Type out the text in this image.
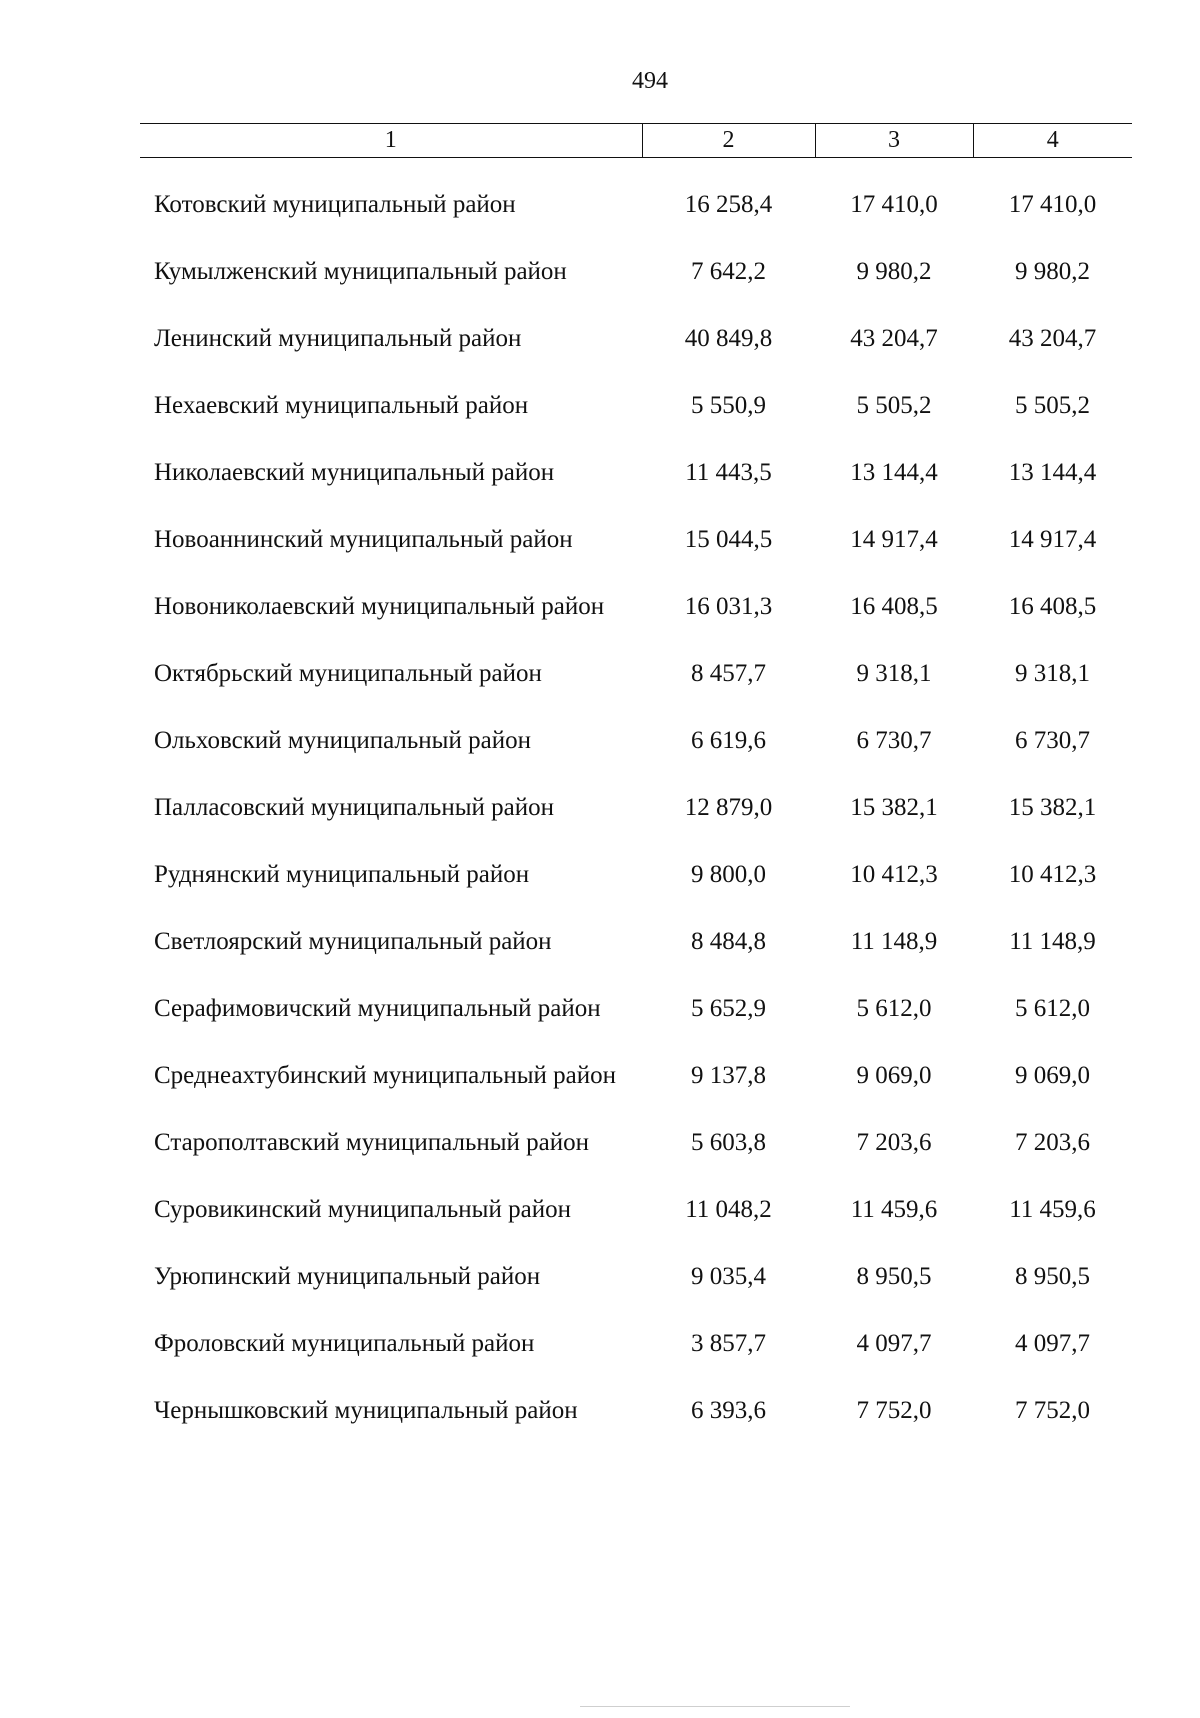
494
1	2	3	4
Котовский муниципальный район	16 258,4	17 410,0	17 410,0
Кумылженский муниципальный район	7 642,2	9 980,2	9 980,2
Ленинский муниципальный район	40 849,8	43 204,7	43 204,7
Нехаевский муниципальный район	5 550,9	5 505,2	5 505,2
Николаевский муниципальный район	11 443,5	13 144,4	13 144,4
Новоаннинский муниципальный район	15 044,5	14 917,4	14 917,4
Новониколаевский муниципальный район	16 031,3	16 408,5	16 408,5
Октябрьский муниципальный район	8 457,7	9 318,1	9 318,1
Ольховский муниципальный район	6 619,6	6 730,7	6 730,7
Палласовский муниципальный район	12 879,0	15 382,1	15 382,1
Руднянский муниципальный район	9 800,0	10 412,3	10 412,3
Светлоярский муниципальный район	8 484,8	11 148,9	11 148,9
Серафимовичский муниципальный район	5 652,9	5 612,0	5 612,0
Среднеахтубинский муниципальный район	9 137,8	9 069,0	9 069,0
Старополтавский муниципальный район	5 603,8	7 203,6	7 203,6
Суровикинский муниципальный район	11 048,2	11 459,6	11 459,6
Урюпинский муниципальный район	9 035,4	8 950,5	8 950,5
Фроловский муниципальный район	3 857,7	4 097,7	4 097,7
Чернышковский муниципальный район	6 393,6	7 752,0	7 752,0
